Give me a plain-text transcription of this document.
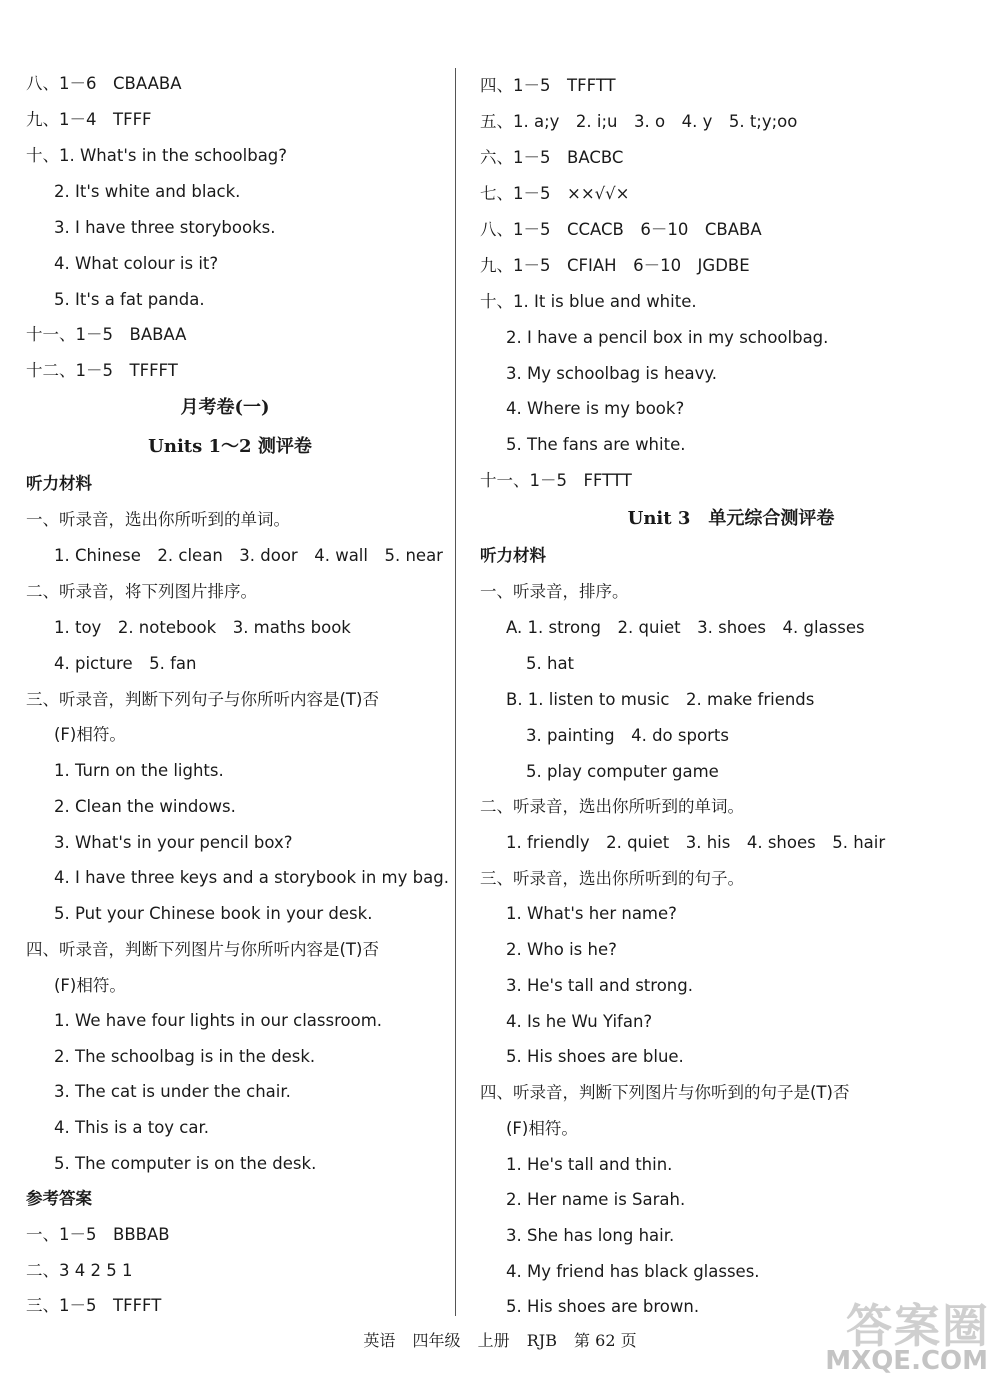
八、1－6　CBAABA
九、1－4　TFFF
十、1. What's in the schoolbag?
2. It's white and black.
3. I have three storybooks.
4. What colour is it?
5. It's a fat panda.
十一、1－5　BABAA
十二、1－5　TFFFT
月考卷(一)
Units 1～2 测评卷
听力材料
一、听录音，选出你所听到的单词。
1. Chinese　2. clean　3. door　4. wall　5. near
二、听录音，将下列图片排序。
1. toy　2. notebook　3. maths book
4. picture　5. fan
三、听录音，判断下列句子与你所听内容是(T)否
(F)相符。
1. Turn on the lights.
2. Clean the windows.
3. What's in your pencil box?
4. I have three keys and a storybook in my bag.
5. Put your Chinese book in your desk.
四、听录音，判断下列图片与你所听内容是(T)否
(F)相符。
1. We have four lights in our classroom.
2. The schoolbag is in the desk.
3. The cat is under the chair.
4. This is a toy car.
5. The computer is on the desk.
参考答案
一、1－5　BBBAB
二、3 4 2 5 1
三、1－5　TFFFT
四、1－5　TFFTT
五、1. a;y　2. i;u　3. o　4. y　5. t;y;oo
六、1－5　BACBC
七、1－5　××√√×
八、1－5　CCACB　6－10　CBABA
九、1－5　CFIAH　6－10　JGDBE
十、1. It is blue and white.
2. I have a pencil box in my schoolbag.
3. My schoolbag is heavy.
4. Where is my book?
5. The fans are white.
十一、1－5　FFTTT
Unit 3　单元综合测评卷
听力材料
一、听录音，排序。
A. 1. strong　2. quiet　3. shoes　4. glasses
5. hat
B. 1. listen to music　2. make friends
3. painting　4. do sports
5. play computer game
二、听录音，选出你所听到的单词。
1. friendly　2. quiet　3. his　4. shoes　5. hair
三、听录音，选出你所听到的句子。
1. What's her name?
2. Who is he?
3. He's tall and strong.
4. Is he Wu Yifan?
5. His shoes are blue.
四、听录音，判断下列图片与你听到的句子是(T)否
(F)相符。
1. He's tall and thin.
2. Her name is Sarah.
3. She has long hair.
4. My friend has black glasses.
5. His shoes are brown.
英语 四年级 上册 RJB 第 62 页	答案圈
MXQE.COM
